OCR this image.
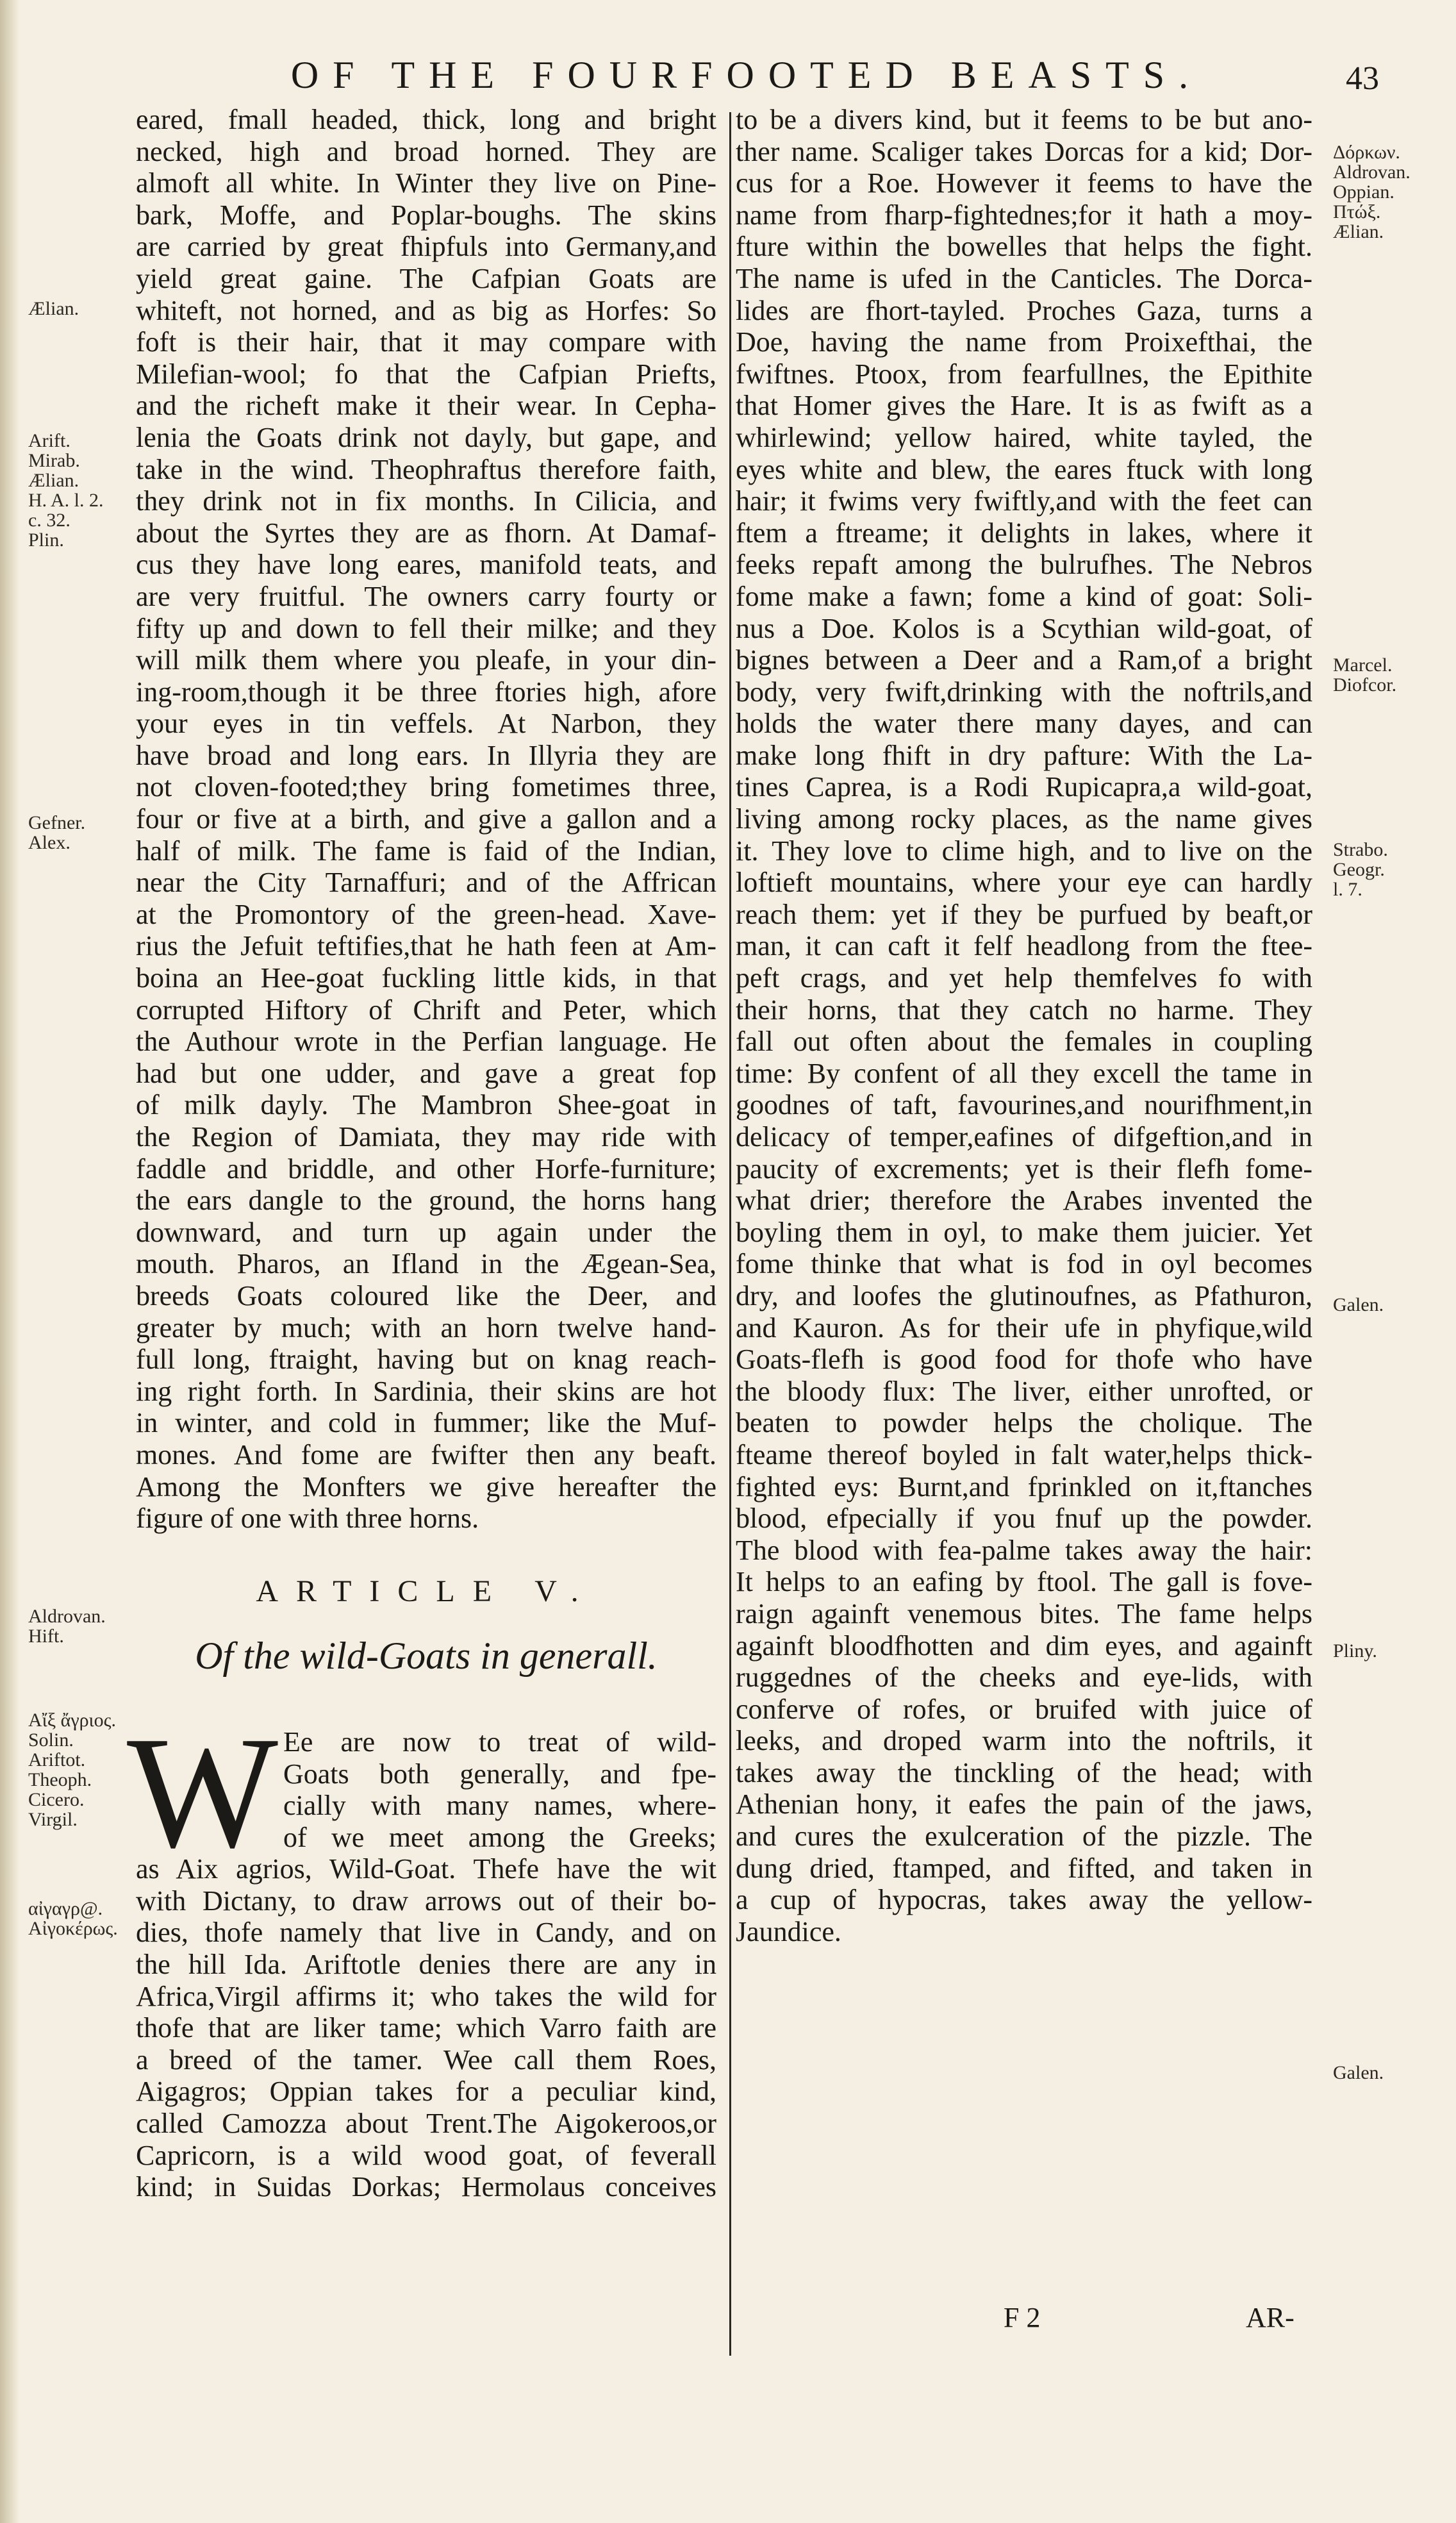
OF THE FOURFOOTED BEASTS.	43
eared, fmall headed, thick, long and bright
necked, high and broad horned. They are
almoft all white. In Winter they live on Pine-
bark, Moffe, and Poplar-boughs. The skins
are carried by great fhipfuls into Germany,and
yield great gaine. The Cafpian Goats are
whiteft, not horned, and as big as Horfes: So
foft is their hair, that it may compare with
Milefian-wool; fo that the Cafpian Priefts,
and the richeft make it their wear. In Cepha-
lenia the Goats drink not dayly, but gape, and
take in the wind. Theophraftus therefore faith,
they drink not in fix months. In Cilicia, and
about the Syrtes they are as fhorn. At Damaf-
cus they have long eares, manifold teats, and
are very fruitful. The owners carry fourty or
fifty up and down to fell their milke; and they
will milk them where you pleafe, in your din-
ing-room,though it be three ftories high, afore
your eyes in tin veffels. At Narbon, they
have broad and long ears. In Illyria they are
not cloven-footed;they bring fometimes three,
four or five at a birth, and give a gallon and a
half of milk. The fame is faid of the Indian,
near the City Tarnaffuri; and of the Affrican
at the Promontory of the green-head. Xave-
rius the Jefuit teftifies,that he hath feen at Am-
boina an Hee-goat fuckling little kids, in that
corrupted Hiftory of Chrift and Peter, which
the Authour wrote in the Perfian language. He
had but one udder, and gave a great fop
of milk dayly. The Mambron Shee-goat in
the Region of Damiata, they may ride with
faddle and briddle, and other Horfe-furniture;
the ears dangle to the ground, the horns hang
downward, and turn up again under the
mouth. Pharos, an Ifland in the Ægean-Sea,
breeds Goats coloured like the Deer, and
greater by much; with an horn twelve hand-
full long, ftraight, having but on knag reach-
ing right forth. In Sardinia, their skins are hot
in winter, and cold in fummer; like the Muf-
mones. And fome are fwifter then any beaft.
Among the Monfters we give hereafter the
figure of one with three horns.
ARTICLE V.
Of the wild-Goats in generall.
W Ee are now to treat of wild-
Goats both generally, and fpe-
cially with many names, where-
of we meet among the Greeks;
as Aix agrios, Wild-Goat. Thefe have the wit
with Dictany, to draw arrows out of their bo-
dies, thofe namely that live in Candy, and on
the hill Ida. Ariftotle denies there are any in
Africa,Virgil affirms it; who takes the wild for
thofe that are liker tame; which Varro faith are
a breed of the tamer. Wee call them Roes,
Aigagros; Oppian takes for a peculiar kind,
called Camozza about Trent.The Aigokeroos,or
Capricorn, is a wild wood goat, of feverall
kind; in Suidas Dorkas; Hermolaus conceives
to be a divers kind, but it feems to be but ano-
ther name. Scaliger takes Dorcas for a kid; Dor-
cus for a Roe. However it feems to have the
name from fharp-fightednes;for it hath a moy-
fture within the bowelles that helps the fight.
The name is ufed in the Canticles. The Dorca-
lides are fhort-tayled. Proches Gaza, turns a
Doe, having the name from Proixefthai, the
fwiftnes. Ptoox, from fearfullnes, the Epithite
that Homer gives the Hare. It is as fwift as a
whirlewind; yellow haired, white tayled, the
eyes white and blew, the eares ftuck with long
hair; it fwims very fwiftly,and with the feet can
ftem a ftreame; it delights in lakes, where it
feeks repaft among the bulrufhes. The Nebros
fome make a fawn; fome a kind of goat: Soli-
nus a Doe. Kolos is a Scythian wild-goat, of
bignes between a Deer and a Ram,of a bright
body, very fwift,drinking with the noftrils,and
holds the water there many dayes, and can
make long fhift in dry pafture: With the La-
tines Caprea, is a Rodi Rupicapra,a wild-goat,
living among rocky places, as the name gives
it. They love to clime high, and to live on the
loftieft mountains, where your eye can hardly
reach them: yet if they be purfued by beaft,or
man, it can caft it felf headlong from the ftee-
peft crags, and yet help themfelves fo with
their horns, that they catch no harme. They
fall out often about the females in coupling
time: By confent of all they excell the tame in
goodnes of taft, favourines,and nourifhment,in
delicacy of temper,eafines of difgeftion,and in
paucity of excrements; yet is their flefh fome-
what drier; therefore the Arabes invented the
boyling them in oyl, to make them juicier. Yet
fome thinke that what is fod in oyl becomes
dry, and loofes the glutinoufnes, as Pfathuron,
and Kauron. As for their ufe in phyfique,wild
Goats-flefh is good food for thofe who have
the bloody flux: The liver, either unrofted, or
beaten to powder helps the cholique. The
fteame thereof boyled in falt water,helps thick-
fighted eys: Burnt,and fprinkled on it,ftanches
blood, efpecially if you fnuf up the powder.
The blood with fea-palme takes away the hair:
It helps to an eafing by ftool. The gall is fove-
raign againft venemous bites. The fame helps
againft bloodfhotten and dim eyes, and againft
ruggednes of the cheeks and eye-lids, with
conferve of rofes, or bruifed with juice of
leeks, and droped warm into the noftrils, it
takes away the tinckling of the head; with
Athenian hony, it eafes the pain of the jaws,
and cures the exulceration of the pizzle. The
dung dried, ftamped, and fifted, and taken in
a cup of hypocras, takes away the yellow-
Jaundice.
Ælian.
Arift.
Mirab.
Ælian.
H. A. l. 2.
c. 32.
Plin.
Gefner.
Alex.
Aldrovan.
Hift.
Aἴξ ἄγριος.
Solin.
Ariftot.
Theoph.
Cicero.
Virgil.
αἰγαγρ@.
Aἰγοκέρως.
Δόρκων.
Aldrovan.
Oppian.
Πτώξ.
Ælian.
Marcel.
Diofcor.
Strabo.
Geogr.
l. 7.
Galen.
Pliny.
Galen.
F 2	AR-
